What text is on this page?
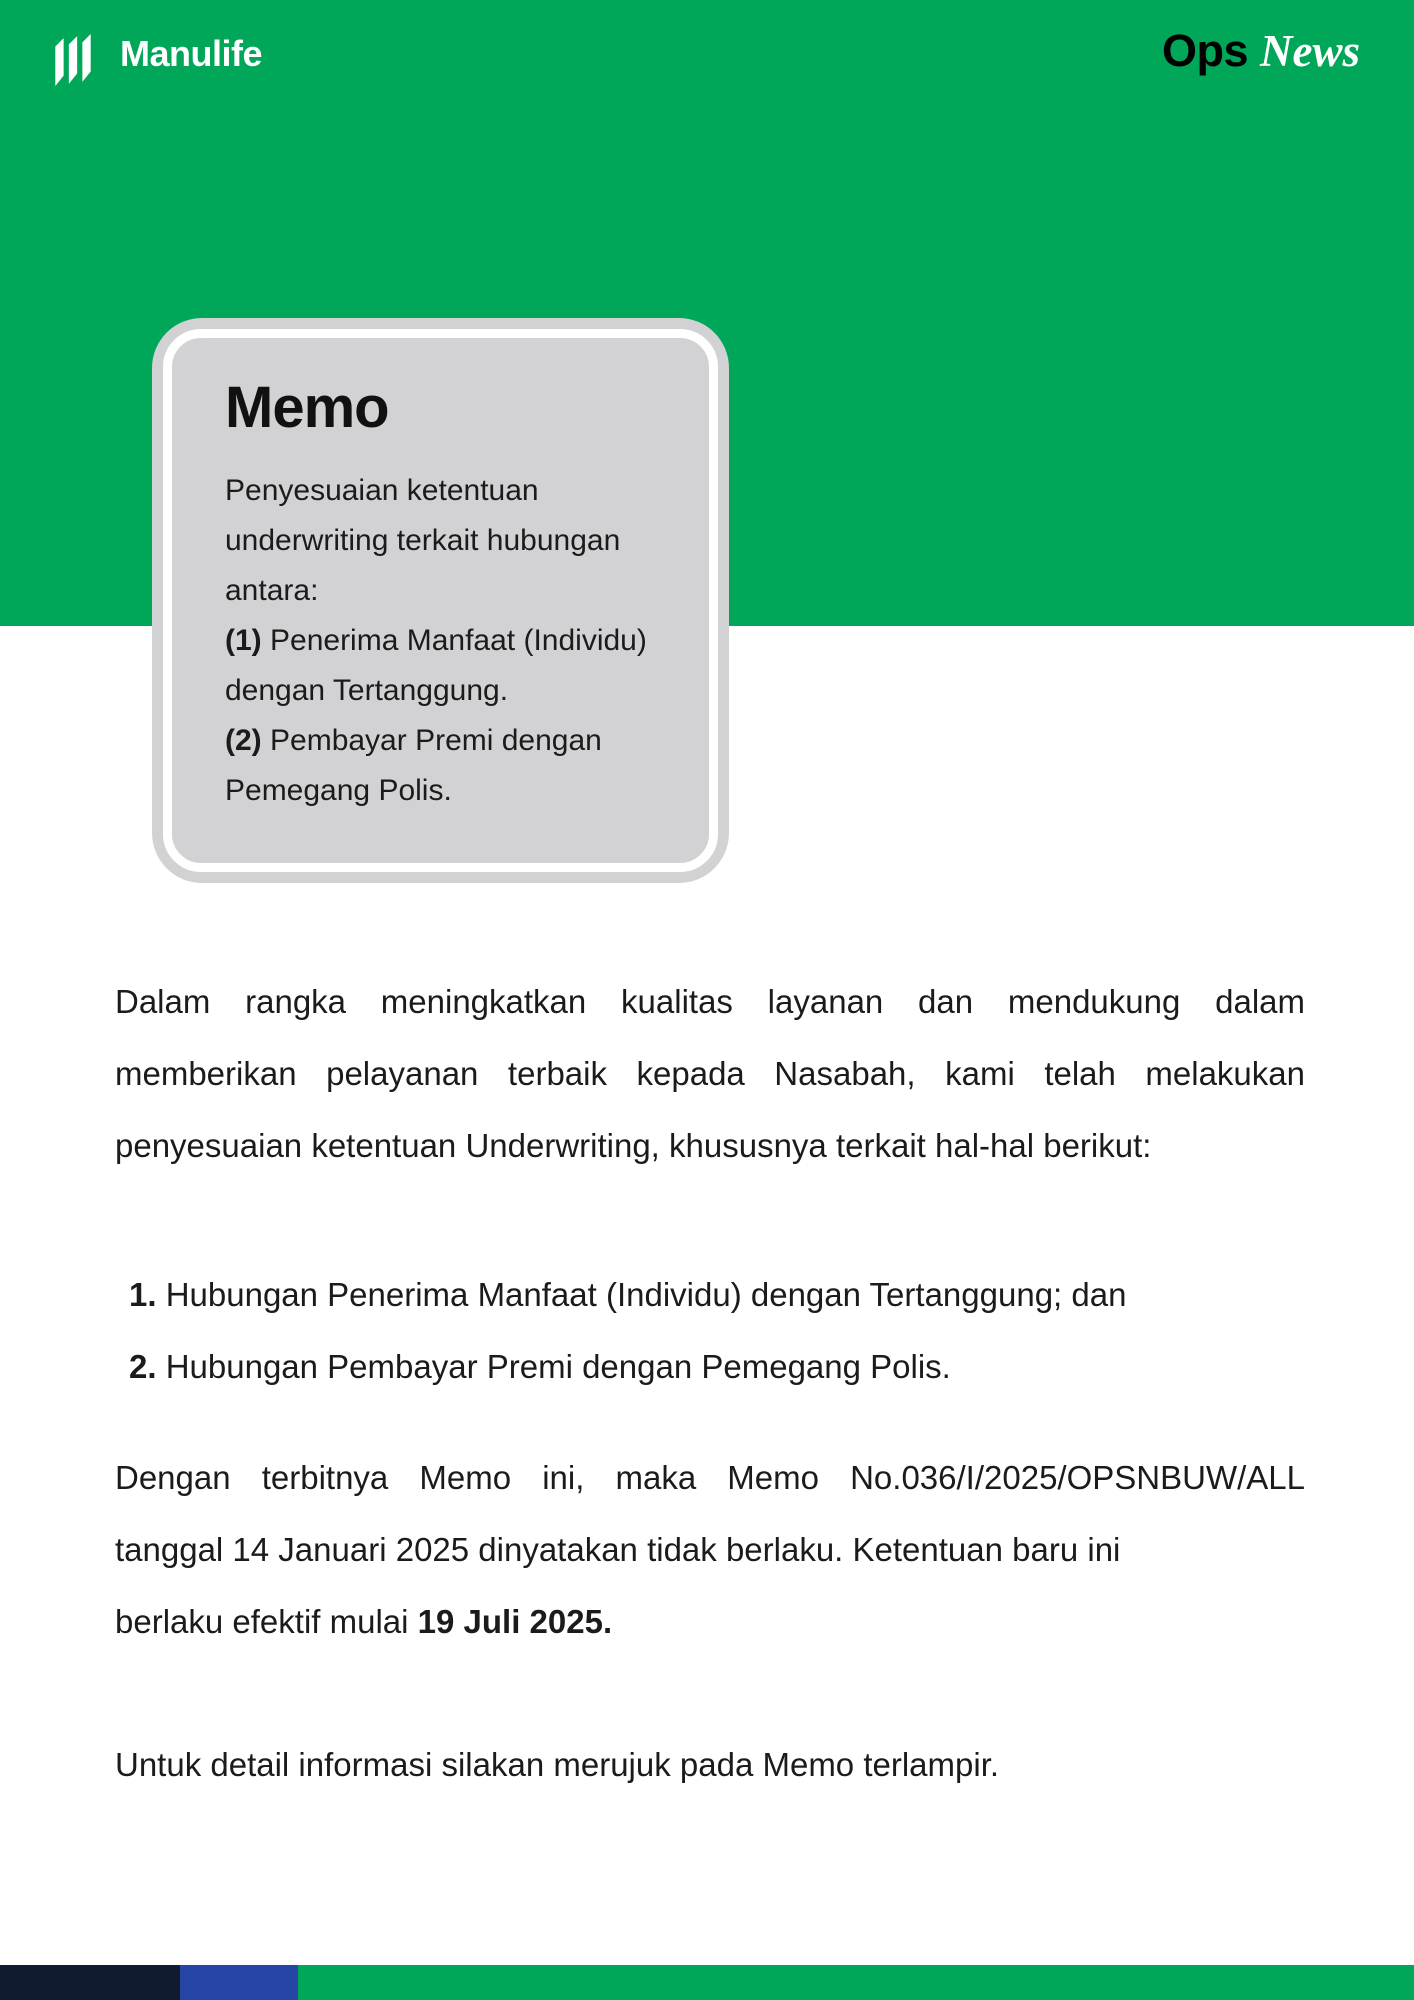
Manulife	Ops News
Memo
Penyesuaian ketentuan underwriting terkait hubungan antara:
(1) Penerima Manfaat (Individu) dengan Tertanggung.
(2) Pembayar Premi dengan Pemegang Polis.
Dalam rangka meningkatkan kualitas layanan dan mendukung dalam
memberikan pelayanan terbaik kepada Nasabah, kami telah melakukan
penyesuaian ketentuan Underwriting, khususnya terkait hal-hal berikut:
1. Hubungan Penerima Manfaat (Individu) dengan Tertanggung; dan
2. Hubungan Pembayar Premi dengan Pemegang Polis.
Dengan terbitnya Memo ini, maka Memo No.036/I/2025/OPSNBUW/ALL
tanggal 14 Januari 2025 dinyatakan tidak berlaku. Ketentuan baru ini
berlaku efektif mulai 19 Juli 2025.
Untuk detail informasi silakan merujuk pada Memo terlampir.
